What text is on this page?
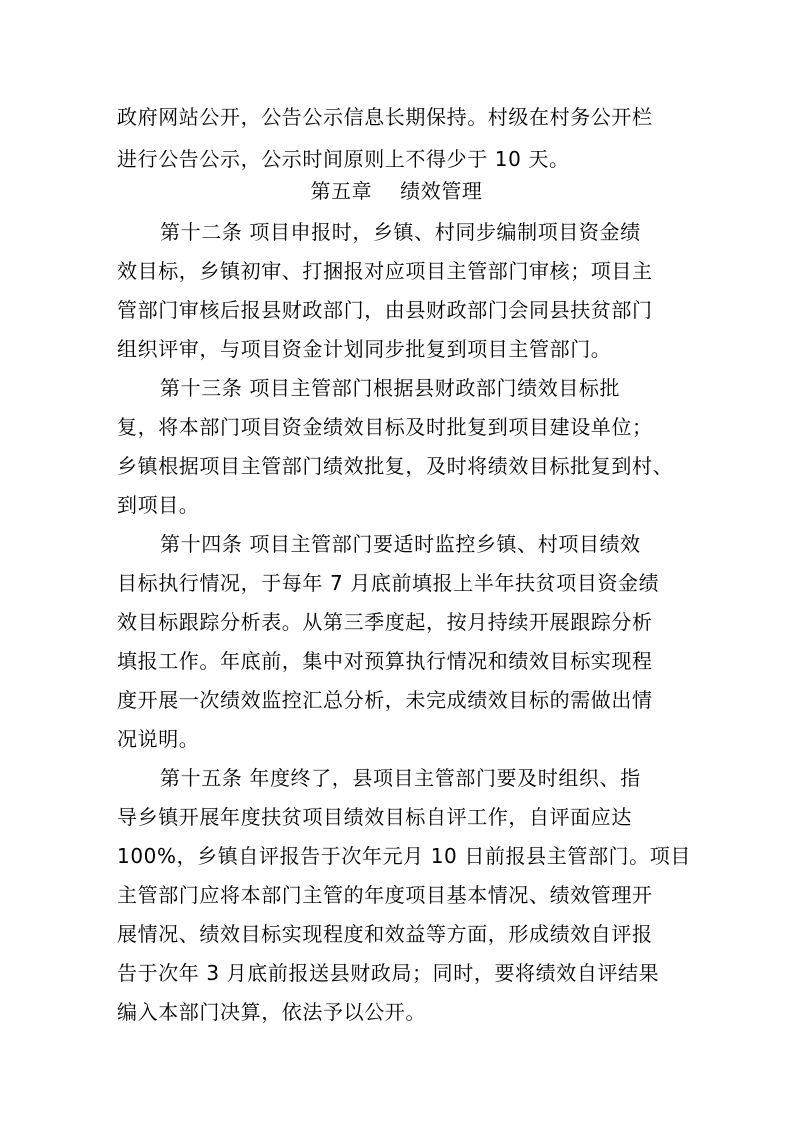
政府网站公开，公告公示信息长期保持。村级在村务公开栏
进行公告公示，公示时间原则上不得少于 10 天。
第五章    绩效管理
第十二条 项目申报时，乡镇、村同步编制项目资金绩
效目标，乡镇初审、打捆报对应项目主管部门审核；项目主
管部门审核后报县财政部门，由县财政部门会同县扶贫部门
组织评审，与项目资金计划同步批复到项目主管部门。
第十三条 项目主管部门根据县财政部门绩效目标批
复，将本部门项目资金绩效目标及时批复到项目建设单位；
乡镇根据项目主管部门绩效批复，及时将绩效目标批复到村、
到项目。
第十四条 项目主管部门要适时监控乡镇、村项目绩效
目标执行情况，于每年 7 月底前填报上半年扶贫项目资金绩
效目标跟踪分析表。从第三季度起，按月持续开展跟踪分析
填报工作。年底前，集中对预算执行情况和绩效目标实现程
度开展一次绩效监控汇总分析，未完成绩效目标的需做出情
况说明。
第十五条 年度终了，县项目主管部门要及时组织、指
导乡镇开展年度扶贫项目绩效目标自评工作，自评面应达
100%，乡镇自评报告于次年元月 10 日前报县主管部门。项目
主管部门应将本部门主管的年度项目基本情况、绩效管理开
展情况、绩效目标实现程度和效益等方面，形成绩效自评报
告于次年 3 月底前报送县财政局；同时，要将绩效自评结果
编入本部门决算，依法予以公开。
